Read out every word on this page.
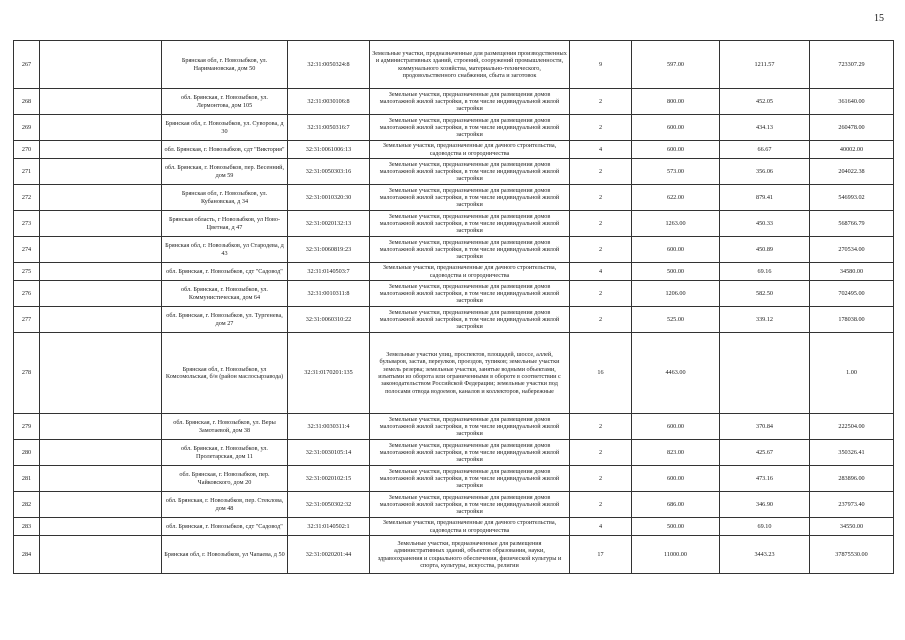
15
267		Брянская обл, г. Новозыбков, ул. Наримановская, дом 50	32:31:0050324:8	Земельные участки, предназначенные для размещения производственных и административных зданий, строений, сооружений промышленности, коммунального хозяйства, материально-технического, продовольственного снабжения, сбыта и заготовок	9	597.00	1211.57	723307.29
268		обл. Брянская, г. Новозыбков, ул. Лермонтова, дом 105	32:31:0030106:8	Земельные участки, предназначенные для размещения домов малоэтажной жилой застройки, в том числе индивидуальной жилой застройки	2	800.00	452.05	361640.00
269		Брянская обл, г. Новозыбков, ул. Суворова, д 30	32:31:0050316:7	Земельные участки, предназначенные для размещения домов малоэтажной жилой застройки, в том числе индивидуальной жилой застройки	2	600.00	434.13	260478.00
270		обл. Брянская, г. Новозыбков, сдт "Виктория"	32:31:0061006:13	Земельные участки, предназначенные для дачного строительства, садоводства и огородничества	4	600.00	66.67	40002.00
271		обл. Брянская, г. Новозыбков, пер. Весенний, дом 59	32:31:0050303:16	Земельные участки, предназначенные для размещения домов малоэтажной жилой застройки, в том числе индивидуальной жилой застройки	2	573.00	356.06	204022.38
272		Брянская обл, г. Новозыбков, ул. Кубановская, д 34	32:31:0010320:30	Земельные участки, предназначенные для размещения домов малоэтажной жилой застройки, в том числе индивидуальной жилой застройки	2	622.00	879.41	546993.02
273		Брянская область, г Новозыбков, ул Ново-Цветная, д 47	32:31:0020132:13	Земельные участки, предназначенные для размещения домов малоэтажной жилой застройки, в том числе индивидуальной жилой застройки	2	1263.00	450.33	568766.79
274		Брянская обл, г. Новозыбков, ул Стародева, д 43	32:31:0060819:23	Земельные участки, предназначенные для размещения домов малоэтажной жилой застройки, в том числе индивидуальной жилой застройки	2	600.00	450.89	270534.00
275		обл. Брянская, г. Новозыбков, сдт "Садовод"	32:31:0140503:7	Земельные участки, предназначенные для дачного строительства, садоводства и огородничества	4	500.00	69.16	34580.00
276		обл. Брянская, г. Новозыбков, ул. Коммунистическая, дом 64	32:31:0010311:8	Земельные участки, предназначенные для размещения домов малоэтажной жилой застройки, в том числе индивидуальной жилой застройки	2	1206.00	582.50	702495.00
277		обл. Брянская, г. Новозыбков, ул. Тургенева, дом 27	32:31:0060310:22	Земельные участки, предназначенные для размещения домов малоэтажной жилой застройки, в том числе индивидуальной жилой застройки	2	525.00	339.12	178038.00
278		Брянская обл, г. Новозыбков, ул Комсомольская, б/н (район маслосырзавода)	32:31:0170201:135	Земельные участки улиц, проспектов, площадей, шоссе, аллей, бульваров, застав, переулков, проездов, тупиков; земельные участки земель резерва; земельные участки, занятые водными объектами, изъятыми из оборота или ограниченными в обороте в соответствии с законодательством Российской Федерации; земельные участки под полосами отвода водоемов, каналов и коллекторов, набережные	16	4463.00		1.00
279		обл. Брянская, г. Новозыбков, ул. Веры Замотаевой, дом 38	32:31:0030311:4	Земельные участки, предназначенные для размещения домов малоэтажной жилой застройки, в том числе индивидуальной жилой застройки	2	600.00	370.84	222504.00
280		обл. Брянская, г. Новозыбков, ул. Пролетарская, дом 11	32:31:0030105:14	Земельные участки, предназначенные для размещения домов малоэтажной жилой застройки, в том числе индивидуальной жилой застройки	2	823.00	425.67	350326.41
281		обл. Брянская, г. Новозыбков, пер. Чайковского, дом 20	32:31:0020102:15	Земельные участки, предназначенные для размещения домов малоэтажной жилой застройки, в том числе индивидуальной жилой застройки	2	600.00	473.16	283896.00
282		обл. Брянская, г. Новозыбков, пер. Стеклова, дом 48	32:31:0050302:32	Земельные участки, предназначенные для размещения домов малоэтажной жилой застройки, в том числе индивидуальной жилой застройки	2	686.00	346.90	237973.40
283		обл. Брянская, г. Новозыбков, сдт "Садовод"	32:31:0140502:1	Земельные участки, предназначенные для дачного строительства, садоводства и огородничества	4	500.00	69.10	34550.00
284		Брянская обл, г. Новозыбков, ул Чапаева, д 50	32:31:0020201:44	Земельные участки, предназначенные для размещения административных зданий, объектов образования, науки, здравоохранения и социального обеспечения, физической культуры и спорта, культуры, искусства, религии	17	11000.00	3443.23	37875530.00
